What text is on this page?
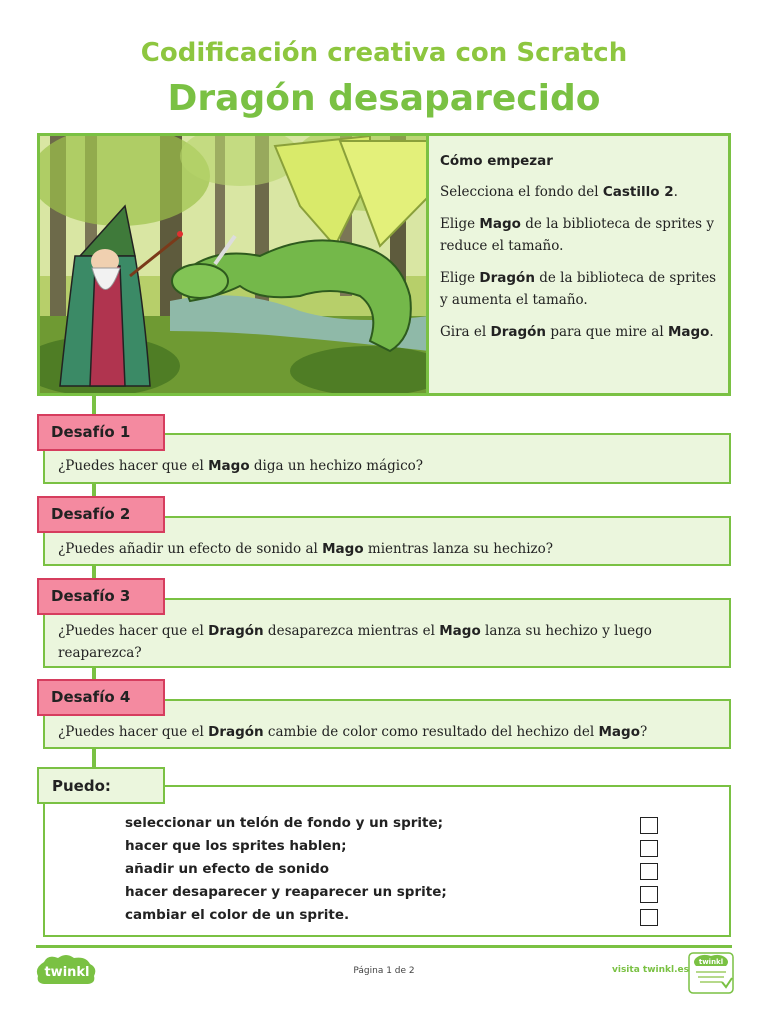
Codificación creativa con Scratch
Dragón desaparecido
Cómo empezar

Selecciona el fondo del Castillo 2.

Elige Mago de la biblioteca de sprites y reduce el tamaño.

Elige Dragón de la biblioteca de sprites y aumenta el tamaño.

Gira el Dragón para que mire al Mago.

¿Puedes hacer que el Mago diga un hechizo mágico?
Desafío 1
¿Puedes añadir un efecto de sonido al Mago mientras lanza su hechizo?
Desafío 2
¿Puedes hacer que el Dragón desaparezca mientras el Mago lanza su hechizo y luego reaparezca?
Desafío 3
¿Puedes hacer que el Dragón cambie de color como resultado del hechizo del Mago?
Desafío 4
Puedo:
seleccionar un telón de fondo y un sprite;
hacer que los sprites hablen;
añadir un efecto de sonido
hacer desaparecer y reaparecer un sprite;
cambiar el color de un sprite.
twinkl	Página 1 de 2	visita twinkl.es
twinkl
